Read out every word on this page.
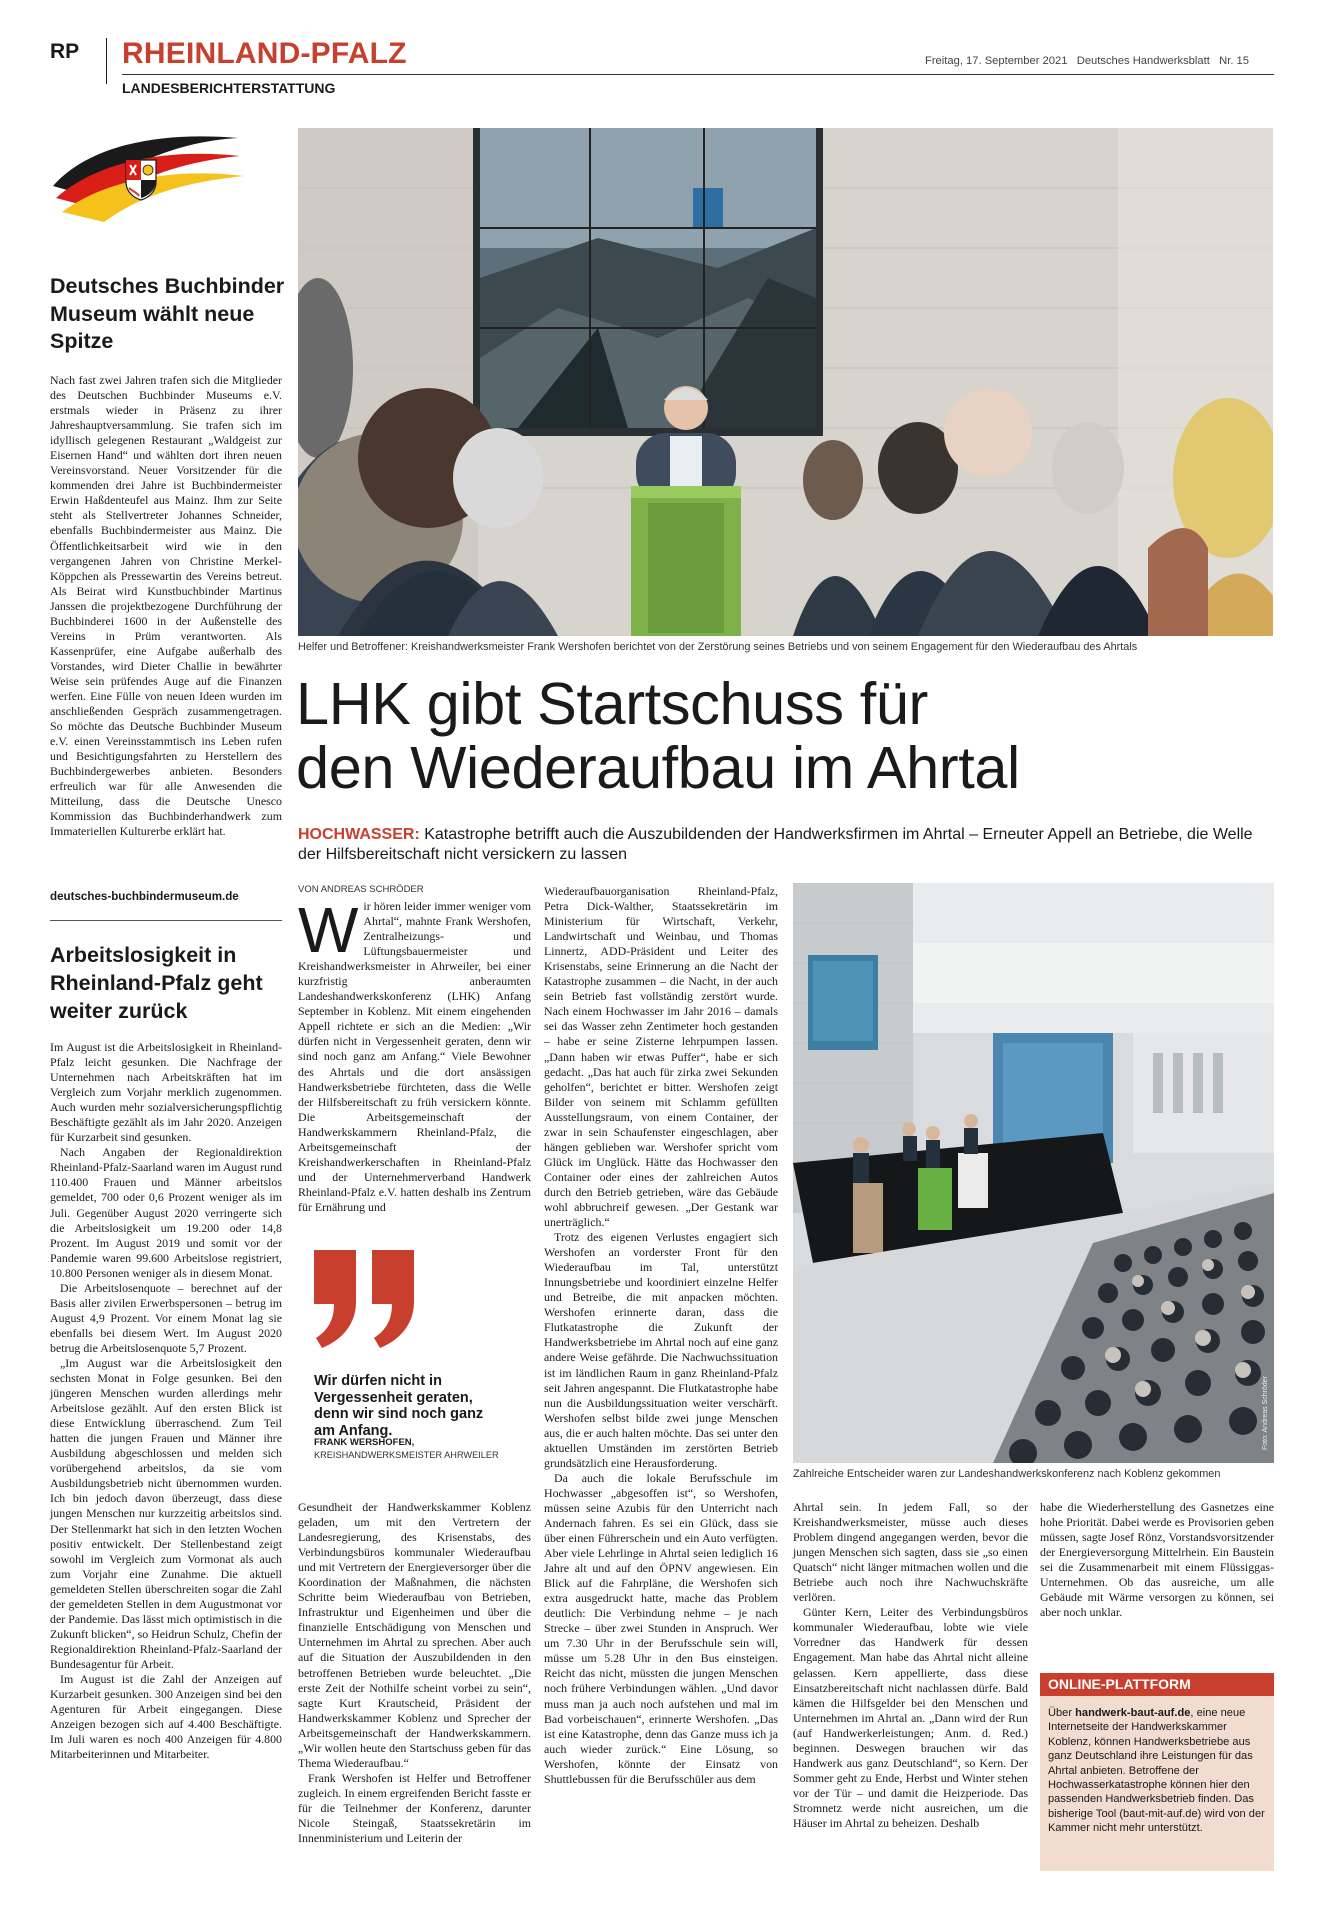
RP RHEINLAND-PFALZ	Freitag, 17. September 2021   Deutsches Handwerksblatt   Nr. 15
LANDESBERICHTERSTATTUNG
Deutsches Buchbinder Museum wählt neue Spitze

Nach fast zwei Jahren trafen sich die Mitglieder des Deutschen Buchbinder Museums e.V. erstmals wieder in Präsenz zu ihrer Jahreshauptversammlung. Sie trafen sich im idyllisch gelegenen Restaurant „Waldgeist zur Eisernen Hand“ und wählten dort ihren neuen Vereinsvorstand. Neuer Vorsitzender für die kommenden drei Jahre ist Buchbindermeister Erwin Haßdenteufel aus Mainz. Ihm zur Seite steht als Stellvertreter Johannes Schneider, ebenfalls Buchbindermeister aus Mainz. Die Öffentlichkeitsarbeit wird wie in den vergangenen Jahren von Christine Merkel-Köppchen als Pressewartin des Vereins betreut. Als Beirat wird Kunstbuchbinder Martinus Janssen die projektbezogene Durchführung der Buchbinderei 1600 in der Außenstelle des Vereins in Prüm verantworten. Als Kassenprüfer, eine Aufgabe außerhalb des Vorstandes, wird Dieter Challie in bewährter Weise sein prüfendes Auge auf die Finanzen werfen. Eine Fülle von neuen Ideen wurden im anschließenden Gespräch zusammengetragen. So möchte das Deutsche Buchbinder Museum e.V. einen Vereinsstammtisch ins Leben rufen und Besichtigungsfahrten zu Herstellern des Buchbindergewerbes anbieten. Besonders erfreulich war für alle Anwesenden die Mitteilung, dass die Deutsche Unesco Kommission das Buchbinderhandwerk zum Immateriellen Kulturerbe erklärt hat.

deutsches-buchbindermuseum.de
Arbeitslosigkeit in Rheinland-Pfalz geht weiter zurück

Im August ist die Arbeitslosigkeit in Rheinland-Pfalz leicht gesunken. Die Nachfrage der Unternehmen nach Arbeitskräften hat im Vergleich zum Vorjahr merklich zugenommen. Auch wurden mehr sozialversicherungspflichtig Beschäftigte gezählt als im Jahr 2020. Anzeigen für Kurzarbeit sind gesunken.

Nach Angaben der Regionaldirektion Rheinland-Pfalz-Saarland waren im August rund 110.400 Frauen und Männer arbeitslos gemeldet, 700 oder 0,6 Prozent weniger als im Juli. Gegenüber August 2020 verringerte sich die Arbeitslosigkeit um 19.200 oder 14,8 Prozent. Im August 2019 und somit vor der Pandemie waren 99.600 Arbeitslose registriert, 10.800 Personen weniger als in diesem Monat.

Die Arbeitslosenquote – berechnet auf der Basis aller zivilen Erwerbspersonen – betrug im August 4,9 Prozent. Vor einem Monat lag sie ebenfalls bei diesem Wert. Im August 2020 betrug die Arbeitslosenquote 5,7 Prozent.

„Im August war die Arbeitslosigkeit den sechsten Monat in Folge gesunken. Bei den jüngeren Menschen wurden allerdings mehr Arbeitslose gezählt. Auf den ersten Blick ist diese Entwicklung überraschend. Zum Teil hatten die jungen Frauen und Männer ihre Ausbildung abgeschlossen und melden sich vorübergehend arbeitslos, da sie vom Ausbildungsbetrieb nicht übernommen wurden. Ich bin jedoch davon überzeugt, dass diese jungen Menschen nur kurzzeitig arbeitslos sind. Der Stellenmarkt hat sich in den letzten Wochen positiv entwickelt. Der Stellenbestand zeigt sowohl im Vergleich zum Vormonat als auch zum Vorjahr eine Zunahme. Die aktuell gemeldeten Stellen überschreiten sogar die Zahl der gemeldeten Stellen in dem Augustmonat vor der Pandemie. Das lässt mich optimistisch in die Zukunft blicken“, so Heidrun Schulz, Chefin der Regionaldirektion Rheinland-Pfalz-Saarland der Bundesagentur für Arbeit.

Im August ist die Zahl der Anzeigen auf Kurzarbeit gesunken. 300 Anzeigen sind bei den Agenturen für Arbeit eingegangen. Diese Anzeigen bezogen sich auf 4.400 Beschäftigte. Im Juli waren es noch 400 Anzeigen für 4.800 Mitarbeiterinnen und Mitarbeiter.

Helfer und Betroffener: Kreishandwerksmeister Frank Wershofen berichtet von der Zerstörung seines Betriebs und von seinem Engagement für den Wiederaufbau des Ahrtals
LHK gibt Startschuss für
den Wiederaufbau im Ahrtal
HOCHWASSER: Katastrophe betrifft auch die Auszubildenden der Handwerksfirmen im Ahrtal – Erneuter Appell an Betriebe, die Welle der Hilfsbereitschaft nicht versickern zu lassen
VON ANDREAS SCHRÖDER

W ir hören leider immer weniger vom Ahrtal“, mahnte Frank Wershofen, Zentralheizungs- und Lüftungsbauermeister und Kreishandwerksmeister in Ahrweiler, bei einer kurzfristig anberaumten Landeshandwerkskonferenz (LHK) Anfang September in Koblenz. Mit einem eingehenden Appell richtete er sich an die Medien: „Wir dürfen nicht in Vergessenheit geraten, denn wir sind noch ganz am Anfang.“ Viele Bewohner des Ahrtals und die dort ansässigen Handwerksbetriebe fürchteten, dass die Welle der Hilfsbereitschaft zu früh versickern könnte. Die Arbeitsgemeinschaft der Handwerkskammern Rheinland-Pfalz, die Arbeitsgemeinschaft der Kreishandwerkerschaften in Rheinland-Pfalz und der Unternehmerverband Handwerk Rheinland-Pfalz e.V. hatten deshalb ins Zentrum für Ernährung und

Wir dürfen nicht in Vergessenheit geraten, denn wir sind noch ganz am Anfang.
FRANK WERSHOFEN,
KREISHANDWERKSMEISTER AHRWEILER

Gesundheit der Handwerkskammer Koblenz geladen, um mit den Vertretern der Landesregierung, des Krisenstabs, des Verbindungsbüros kommunaler Wiederaufbau und mit Vertretern der Energieversorger über die Koordination der Maßnahmen, die nächsten Schritte beim Wiederaufbau von Betrieben, Infrastruktur und Eigenheimen und über die finanzielle Entschädigung von Menschen und Unternehmen im Ahrtal zu sprechen. Aber auch auf die Situation der Auszubildenden in den betroffenen Betrieben wurde beleuchtet. „Die erste Zeit der Nothilfe scheint vorbei zu sein“, sagte Kurt Krautscheid, Präsident der Handwerkskammer Koblenz und Sprecher der Arbeitsgemeinschaft der Handwerkskammern. „Wir wollen heute den Startschuss geben für das Thema Wiederaufbau.“

Frank Wershofen ist Helfer und Betroffener zugleich. In einem ergreifenden Bericht fasste er für die Teilnehmer der Konferenz, darunter Nicole Steingaß, Staatssekretärin im Innenministerium und Leiterin der

Wiederaufbauorganisation Rheinland-Pfalz, Petra Dick-Walther, Staatssekretärin im Ministerium für Wirtschaft, Verkehr, Landwirtschaft und Weinbau, und Thomas Linnertz, ADD-Präsident und Leiter des Krisenstabs, seine Erinnerung an die Nacht der Katastrophe zusammen – die Nacht, in der auch sein Betrieb fast vollständig zerstört wurde. Nach einem Hochwasser im Jahr 2016 – damals sei das Wasser zehn Zentimeter hoch gestanden – habe er seine Zisterne lehrpumpen lassen. „Dann haben wir etwas Puffer“, habe er sich gedacht. „Das hat auch für zirka zwei Sekunden geholfen“, berichtet er bitter. Wershofen zeigt Bilder von seinem mit Schlamm gefüllten Ausstellungsraum, von einem Container, der zwar in sein Schaufenster eingeschlagen, aber hängen geblieben war. Wershofer spricht vom Glück im Unglück. Hätte das Hochwasser den Container oder eines der zahlreichen Autos durch den Betrieb getrieben, wäre das Gebäude wohl abbruchreif gewesen. „Der Gestank war unerträglich.“

Trotz des eigenen Verlustes engagiert sich Wershofen an vorderster Front für den Wiederaufbau im Tal, unterstützt Innungsbetriebe und koordiniert einzelne Helfer und Betreibe, die mit anpacken möchten. Wershofen erinnerte daran, dass die Flutkatastrophe die Zukunft der Handwerksbetriebe im Ahrtal noch auf eine ganz andere Weise gefährde. Die Nachwuchssituation ist im ländlichen Raum in ganz Rheinland-Pfalz seit Jahren angespannt. Die Flutkatastrophe habe nun die Ausbildungssituation weiter verschärft. Wershofen selbst bilde zwei junge Menschen aus, die er auch halten möchte. Das sei unter den aktuellen Umständen im zerstörten Betrieb grundsätzlich eine Herausforderung.

Da auch die lokale Berufsschule im Hochwasser „abgesoffen ist“, so Wershofen, müssen seine Azubis für den Unterricht nach Andernach fahren. Es sei ein Glück, dass sie über einen Führerschein und ein Auto verfügten. Aber viele Lehrlinge in Ahrtal seien lediglich 16 Jahre alt und auf den ÖPNV angewiesen. Ein Blick auf die Fahrpläne, die Wershofen sich extra ausgedruckt hatte, mache das Problem deutlich: Die Verbindung nehme – je nach Strecke – über zwei Stunden in Anspruch. Wer um 7.30 Uhr in der Berufsschule sein will, müsse um 5.28 Uhr in den Bus einsteigen. Reicht das nicht, müssten die jungen Menschen noch frühere Verbindungen wählen. „Und davor muss man ja auch noch aufstehen und mal im Bad vorbeischauen“, erinnerte Wershofen. „Das ist eine Katastrophe, denn das Ganze muss ich ja auch wieder zurück.“ Eine Lösung, so Wershofen, könnte der Einsatz von Shuttlebussen für die Berufsschüler aus dem

Foto: Andreas Schröder
Zahlreiche Entscheider waren zur Landeshandwerkskonferenz nach Koblenz gekommen

Ahrtal sein. In jedem Fall, so der Kreishandwerksmeister, müsse auch dieses Problem dingend angegangen werden, bevor die jungen Menschen sich sagten, dass sie „so einen Quatsch“ nicht länger mitmachen wollen und die Betriebe auch noch ihre Nachwuchskräfte verlören.

Günter Kern, Leiter des Verbindungsbüros kommunaler Wiederaufbau, lobte wie viele Vorredner das Handwerk für dessen Engagement. Man habe das Ahrtal nicht alleine gelassen. Kern appellierte, dass diese Einsatzbereitschaft nicht nachlassen dürfe. Bald kämen die Hilfsgelder bei den Menschen und Unternehmen im Ahrtal an. „Dann wird der Run (auf Handwerkerleistungen; Anm. d. Red.) beginnen. Deswegen brauchen wir das Handwerk aus ganz Deutschland“, so Kern. Der Sommer geht zu Ende, Herbst und Winter stehen vor der Tür – und damit die Heizperiode. Das Stromnetz werde nicht ausreichen, um die Häuser im Ahrtal zu beheizen. Deshalb

habe die Wiederherstellung des Gasnetzes eine hohe Priorität. Dabei werde es Provisorien geben müssen, sagte Josef Rönz, Vorstandsvorsitzender der Energieversorgung Mittelrhein. Ein Baustein sei die Zusammenarbeit mit einem Flüssiggas-Unternehmen. Ob das ausreiche, um alle Gebäude mit Wärme versorgen zu können, sei aber noch unklar.

ONLINE-PLATTFORM
Über handwerk-baut-auf.de, eine neue Internetseite der Handwerkskammer Koblenz, können Handwerksbetriebe aus ganz Deutschland ihre Leistungen für das Ahrtal anbieten. Betroffene der Hochwasserkatastrophe können hier den passenden Handwerksbetrieb finden. Das bisherige Tool (baut-mit-auf.de) wird von der Kammer nicht mehr unterstützt.
